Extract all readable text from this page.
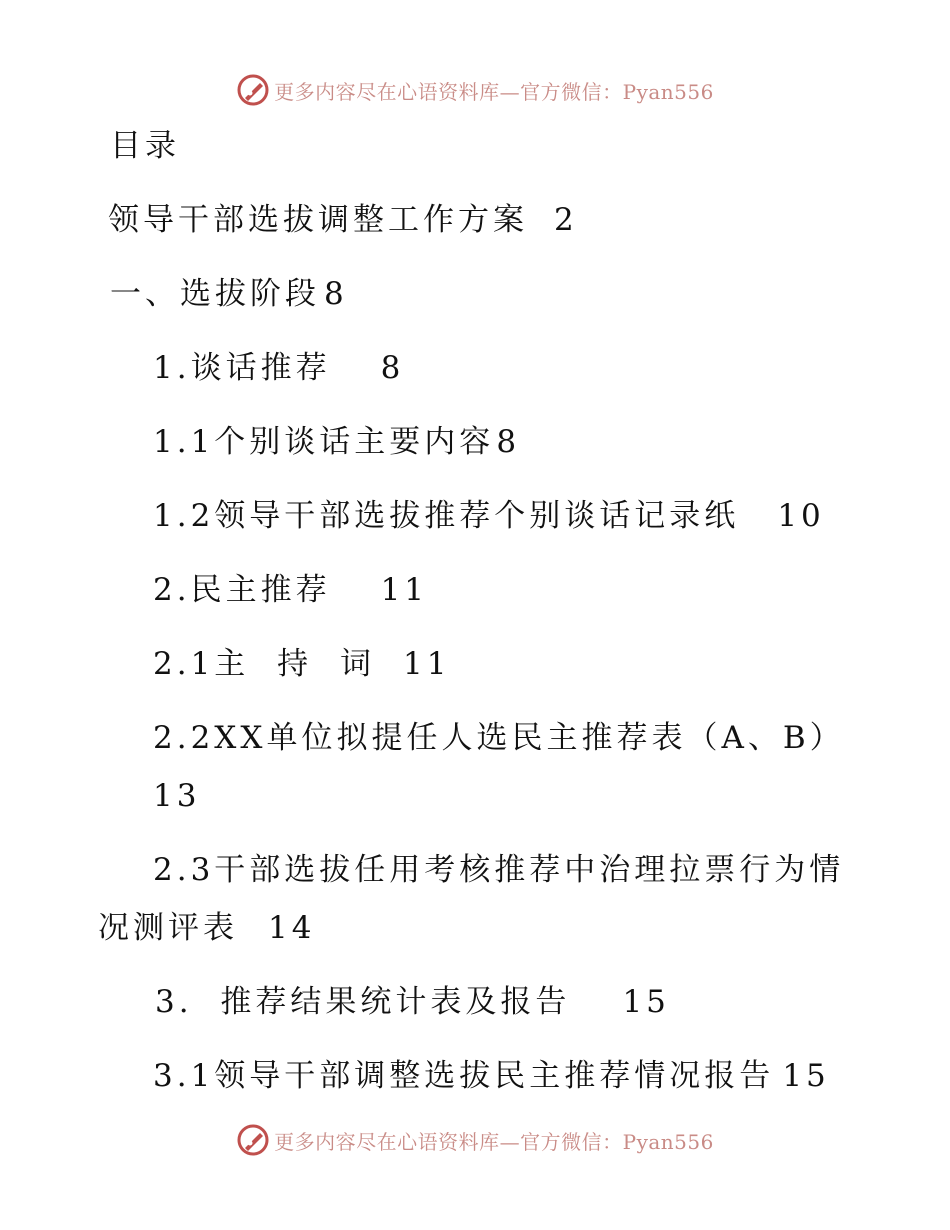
更多内容尽在心语资料库—官方微信：Pyan556
目录
领导干部选拔调整工作方案 2
一、选拔阶段 8
1.谈话推荐 8
1.1个别谈话主要内容8
1.2领导干部选拔推荐个别谈话记录纸 10
2.民主推荐 11
2.1主 持 词 11
2.2XX单位拟提任人选民主推荐表（A、B）
13
2.3干部选拔任用考核推荐中治理拉票行为情
况测评表 14
3. 推荐结果统计表及报告 15
3.1领导干部调整选拔民主推荐情况报告 15
更多内容尽在心语资料库—官方微信：Pyan556
